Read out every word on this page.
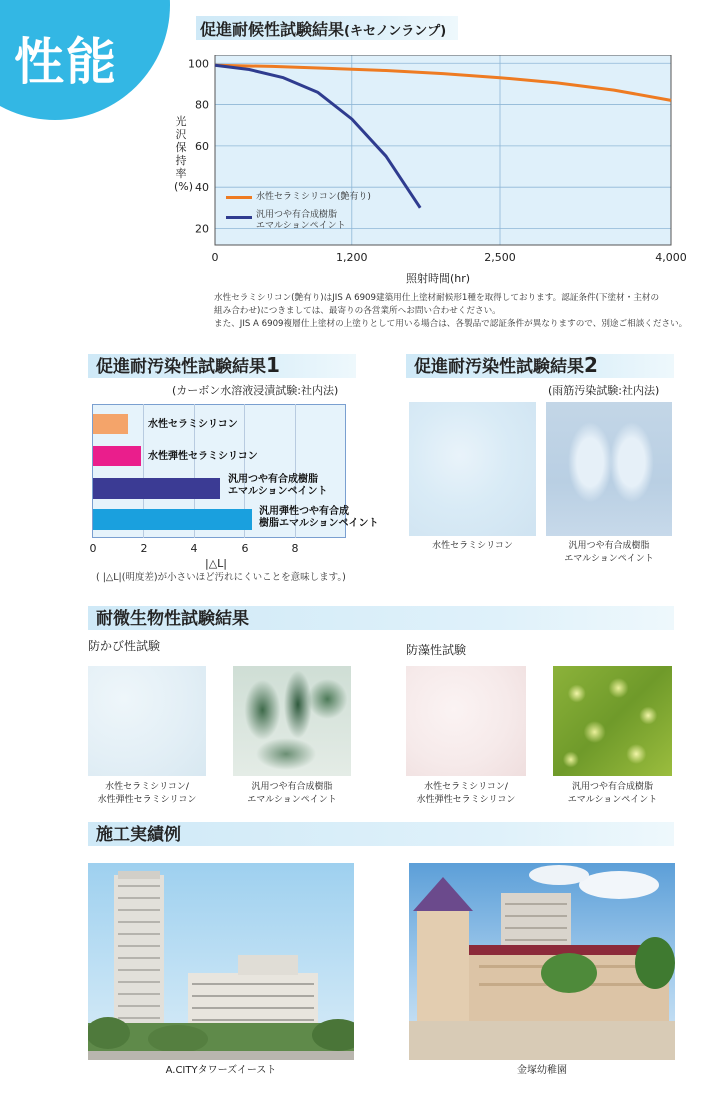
性能
促進耐候性試験結果(キセノンランプ)
光
沢
保
持
率
(%)
20
40
60
80
100
0	1,200	2,500	4,000
水性セラミシリコン(艶有り)
汎用つや有合成樹脂
エマルションペイント
照射時間(hr)
水性セラミシリコン(艶有り)はJIS A 6909建築用仕上塗材耐候形1種を取得しております。認証条件(下塗材・主材の
組み合わせ)につきましては、最寄りの各営業所へお問い合わせください。
また、JIS A 6909複層仕上塗材の上塗りとして用いる場合は、各製品で認証条件が異なりますので、別途ご相談ください。
促進耐汚染性試験結果1
(カーボン水溶液浸漬試験:社内法)
水性セラミシリコン
水性弾性セラミシリコン
汎用つや有合成樹脂
エマルションペイント
汎用弾性つや有合成
樹脂エマルションペイント
0	2	4	6	8
|△L|
( |△L|(明度差)が小さいほど汚れにくいことを意味します。)
促進耐汚染性試験結果2
(雨筋汚染試験:社内法)
水性セラミシリコン	汎用つや有合成樹脂
エマルションペイント
耐微生物性試験結果
防かび性試験	防藻性試験
水性セラミシリコン/
水性弾性セラミシリコン
汎用つや有合成樹脂
エマルションペイント
水性セラミシリコン/
水性弾性セラミシリコン
汎用つや有合成樹脂
エマルションペイント
施工実績例
A.CITYタワーズイースト	金塚幼稚園
